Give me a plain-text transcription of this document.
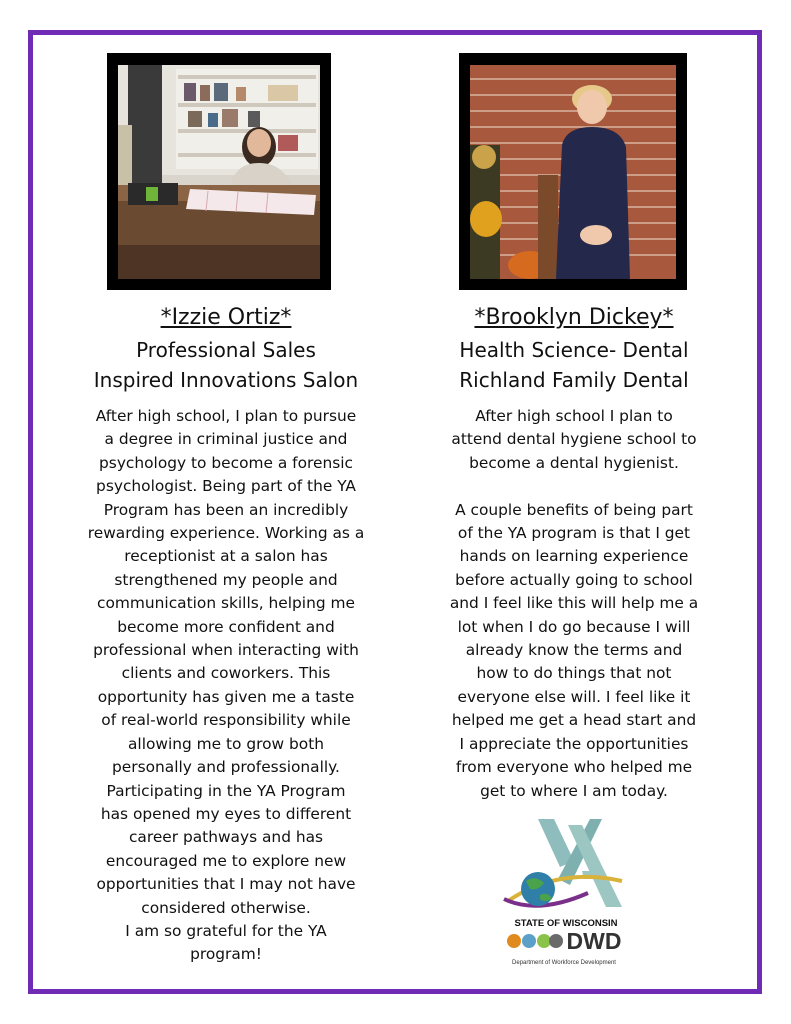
*Izzie Ortiz*

Professional Sales

Inspired Innovations Salon

After high school, I plan to pursue
a degree in criminal justice and
psychology to become a forensic
psychologist. Being part of the YA
Program has been an incredibly
rewarding experience. Working as a
receptionist at a salon has
strengthened my people and
communication skills, helping me
become more confident and
professional when interacting with
clients and coworkers. This
opportunity has given me a taste
of real-world responsibility while
allowing me to grow both
personally and professionally.
Participating in the YA Program
has opened my eyes to different
career pathways and has
encouraged me to explore new
opportunities that I may not have
considered otherwise.
I am so grateful for the YA
program!

*Brooklyn Dickey*

Health Science- Dental

Richland Family Dental

After high school I plan to
attend dental hygiene school to
become a dental hygienist.

A couple benefits of being part
of the YA program is that I get
hands on learning experience
before actually going to school
and I feel like this will help me a
lot when I do go because I will
already know the terms and
how to do things that not
everyone else will. I feel like it
helped me get a head start and
I appreciate the opportunities
from everyone who helped me
get to where I am today.

STATE OF WISCONSIN
DWD
Department of Workforce Development
